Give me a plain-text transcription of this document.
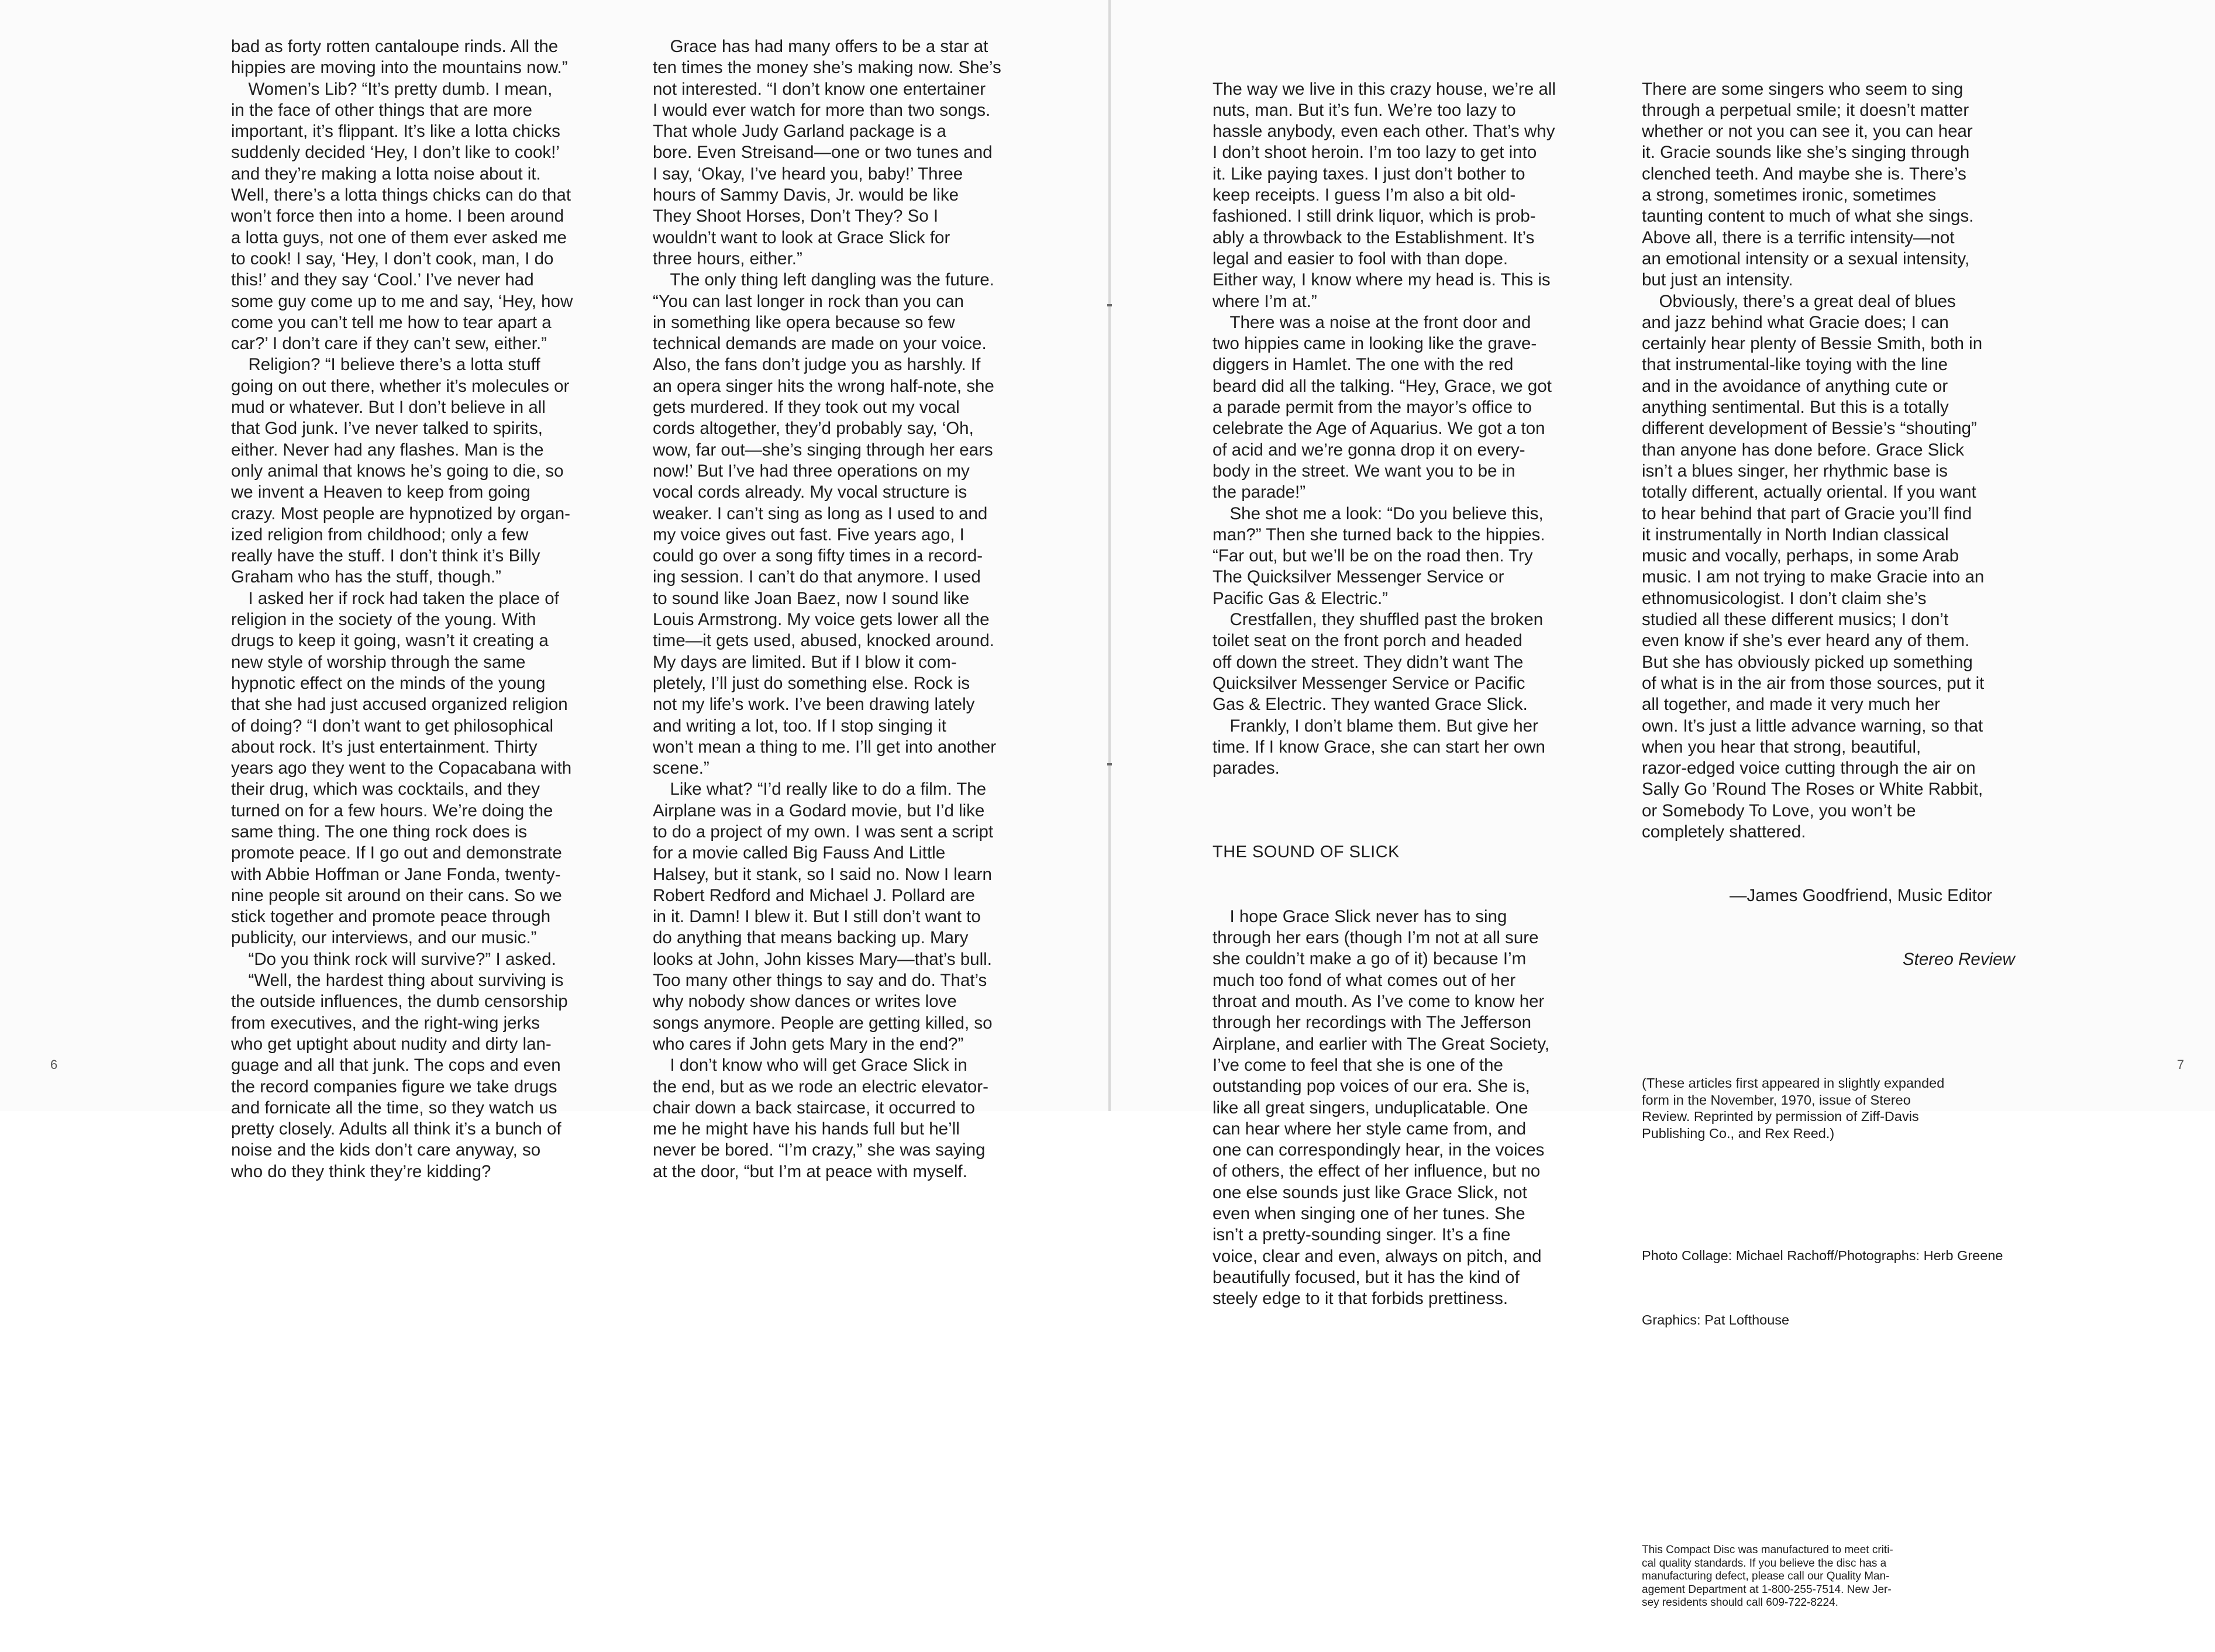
bad as forty rotten cantaloupe rinds. All the
hippies are moving into the mountains now.”

 Women’s Lib? “It’s pretty dumb. I mean,
in the face of other things that are more
important, it’s flippant. It’s like a lotta chicks
suddenly decided ‘Hey, I don’t like to cook!’
and they’re making a lotta noise about it.
Well, there’s a lotta things chicks can do that
won’t force then into a home. I been around
a lotta guys, not one of them ever asked me
to cook! I say, ‘Hey, I don’t cook, man, I do
this!’ and they say ‘Cool.’ I’ve never had
some guy come up to me and say, ‘Hey, how
come you can’t tell me how to tear apart a
car?’ I don’t care if they can’t sew, either.”

 Religion? “I believe there’s a lotta stuff
going on out there, whether it’s molecules or
mud or whatever. But I don’t believe in all
that God junk. I’ve never talked to spirits,
either. Never had any flashes. Man is the
only animal that knows he’s going to die, so
we invent a Heaven to keep from going
crazy. Most people are hypnotized by organ-
ized religion from childhood; only a few
really have the stuff. I don’t think it’s Billy
Graham who has the stuff, though.”

 I asked her if rock had taken the place of
religion in the society of the young. With
drugs to keep it going, wasn’t it creating a
new style of worship through the same
hypnotic effect on the minds of the young
that she had just accused organized religion
of doing? “I don’t want to get philosophical
about rock. It’s just entertainment. Thirty
years ago they went to the Copacabana with
their drug, which was cocktails, and they
turned on for a few hours. We’re doing the
same thing. The one thing rock does is
promote peace. If I go out and demonstrate
with Abbie Hoffman or Jane Fonda, twenty-
nine people sit around on their cans. So we
stick together and promote peace through
publicity, our interviews, and our music.”

 “Do you think rock will survive?” I asked.

 “Well, the hardest thing about surviving is
the outside influences, the dumb censorship
from executives, and the right-wing jerks
who get uptight about nudity and dirty lan-
guage and all that junk. The cops and even
the record companies figure we take drugs
and fornicate all the time, so they watch us
pretty closely. Adults all think it’s a bunch of
noise and the kids don’t care anyway, so
who do they think they’re kidding?

 Grace has had many offers to be a star at
ten times the money she’s making now. She’s
not interested. “I don’t know one entertainer
I would ever watch for more than two songs.
That whole Judy Garland package is a
bore. Even Streisand—one or two tunes and
I say, ‘Okay, I’ve heard you, baby!’ Three
hours of Sammy Davis, Jr. would be like
They Shoot Horses, Don’t They? So I
wouldn’t want to look at Grace Slick for
three hours, either.”

 The only thing left dangling was the future.
“You can last longer in rock than you can
in something like opera because so few
technical demands are made on your voice.
Also, the fans don’t judge you as harshly. If
an opera singer hits the wrong half-note, she
gets murdered. If they took out my vocal
cords altogether, they’d probably say, ‘Oh,
wow, far out—she’s singing through her ears
now!’ But I’ve had three operations on my
vocal cords already. My vocal structure is
weaker. I can’t sing as long as I used to and
my voice gives out fast. Five years ago, I
could go over a song fifty times in a record-
ing session. I can’t do that anymore. I used
to sound like Joan Baez, now I sound like
Louis Armstrong. My voice gets lower all the
time—it gets used, abused, knocked around.
My days are limited. But if I blow it com-
pletely, I’ll just do something else. Rock is
not my life’s work. I’ve been drawing lately
and writing a lot, too. If I stop singing it
won’t mean a thing to me. I’ll get into another
scene.”

 Like what? “I’d really like to do a film. The
Airplane was in a Godard movie, but I’d like
to do a project of my own. I was sent a script
for a movie called Big Fauss And Little
Halsey, but it stank, so I said no. Now I learn
Robert Redford and Michael J. Pollard are
in it. Damn! I blew it. But I still don’t want to
do anything that means backing up. Mary
looks at John, John kisses Mary—that’s bull.
Too many other things to say and do. That’s
why nobody show dances or writes love
songs anymore. People are getting killed, so
who cares if John gets Mary in the end?”

 I don’t know who will get Grace Slick in
the end, but as we rode an electric elevator-
chair down a back staircase, it occurred to
me he might have his hands full but he’ll
never be bored. “I’m crazy,” she was saying
at the door, “but I’m at peace with myself.

The way we live in this crazy house, we’re all
nuts, man. But it’s fun. We’re too lazy to
hassle anybody, even each other. That’s why
I don’t shoot heroin. I’m too lazy to get into
it. Like paying taxes. I just don’t bother to
keep receipts. I guess I’m also a bit old-
fashioned. I still drink liquor, which is prob-
ably a throwback to the Establishment. It’s
legal and easier to fool with than dope.
Either way, I know where my head is. This is
where I’m at.”

 There was a noise at the front door and
two hippies came in looking like the grave-
diggers in Hamlet. The one with the red
beard did all the talking. “Hey, Grace, we got
a parade permit from the mayor’s office to
celebrate the Age of Aquarius. We got a ton
of acid and we’re gonna drop it on every-
body in the street. We want you to be in
the parade!”

 She shot me a look: “Do you believe this,
man?” Then she turned back to the hippies.
“Far out, but we’ll be on the road then. Try
The Quicksilver Messenger Service or
Pacific Gas & Electric.”

 Crestfallen, they shuffled past the broken
toilet seat on the front porch and headed
off down the street. They didn’t want The
Quicksilver Messenger Service or Pacific
Gas & Electric. They wanted Grace Slick.

 Frankly, I don’t blame them. But give her
time. If I know Grace, she can start her own
parades.

THE SOUND OF SLICK

 I hope Grace Slick never has to sing
through her ears (though I’m not at all sure
she couldn’t make a go of it) because I’m
much too fond of what comes out of her
throat and mouth. As I’ve come to know her
through her recordings with The Jefferson
Airplane, and earlier with The Great Society,
I’ve come to feel that she is one of the
outstanding pop voices of our era. She is,
like all great singers, unduplicatable. One
can hear where her style came from, and
one can correspondingly hear, in the voices
of others, the effect of her influence, but no
one else sounds just like Grace Slick, not
even when singing one of her tunes. She
isn’t a pretty-sounding singer. It’s a fine
voice, clear and even, always on pitch, and
beautifully focused, but it has the kind of
steely edge to it that forbids prettiness.

There are some singers who seem to sing
through a perpetual smile; it doesn’t matter
whether or not you can see it, you can hear
it. Gracie sounds like she’s singing through
clenched teeth. And maybe she is. There’s
a strong, sometimes ironic, sometimes
taunting content to much of what she sings.
Above all, there is a terrific intensity—not
an emotional intensity or a sexual intensity,
but just an intensity.

 Obviously, there’s a great deal of blues
and jazz behind what Gracie does; I can
certainly hear plenty of Bessie Smith, both in
that instrumental-like toying with the line
and in the avoidance of anything cute or
anything sentimental. But this is a totally
different development of Bessie’s “shouting”
than anyone has done before. Grace Slick
isn’t a blues singer, her rhythmic base is
totally different, actually oriental. If you want
to hear behind that part of Gracie you’ll find
it instrumentally in North Indian classical
music and vocally, perhaps, in some Arab
music. I am not trying to make Gracie into an
ethnomusicologist. I don’t claim she’s
studied all these different musics; I don’t
even know if she’s ever heard any of them.
But she has obviously picked up something
of what is in the air from those sources, put it
all together, and made it very much her
own. It’s just a little advance warning, so that
when you hear that strong, beautiful,
razor-edged voice cutting through the air on
Sally Go ’Round The Roses or White Rabbit,
or Somebody To Love, you won’t be
completely shattered.

—James Goodfriend, Music Editor

Stereo Review

(These articles first appeared in slightly expanded

form in the November, 1970, issue of Stereo

Review. Reprinted by permission of Ziff-Davis

Publishing Co., and Rex Reed.)

Photo Collage: Michael Rachoff/Photographs: Herb Greene

Graphics: Pat Lofthouse

This Compact Disc was manufactured to meet criti-

cal quality standards. If you believe the disc has a

manufacturing defect, please call our Quality Man-

agement Department at 1-800-255-7514. New Jer-

sey residents should call 609-722-8224.

6	7
